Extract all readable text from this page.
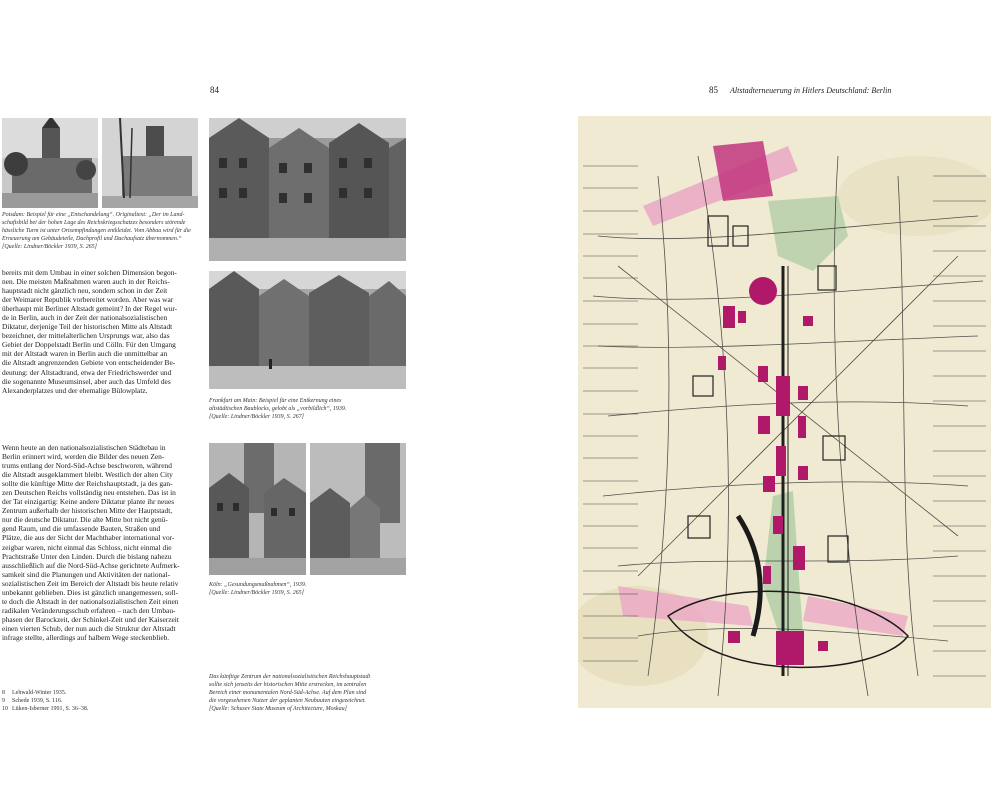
84
Potsdam: Beispiel für eine „Entschandelung“. Originaltext: „Der im Land-
schaftsbild bei der hohen Lage des Reichskriegsschatzes besonders störende
hässliche Turm ist unter Ortsempfindungen entkleidet. Vom Abbau wird für die
Erneuerung am Gebäudeteile, Dachprofil und Dachaufsatz übernommen.“
[Quelle: Lindner/Böckler 1939, S. 265]
bereits mit dem Umbau in einer solchen Dimension begon-
nen. Die meisten Maßnahmen waren auch in der Reichs-
hauptstadt nicht gänzlich neu, sondern schon in der Zeit
der Weimarer Republik vorbereitet worden. Aber was war
überhaupt mit Berliner Altstadt gemeint? In der Regel wur-
de in Berlin, auch in der Zeit der nationalsozialistischen
Diktatur, derjenige Teil der historischen Mitte als Altstadt
bezeichnet, der mittelalterlichen Ursprungs war, also das
Gebiet der Doppelstadt Berlin und Cölln. Für den Umgang
mit der Altstadt waren in Berlin auch die unmittelbar an
die Altstadt angrenzenden Gebiete von entscheidender Be-
deutung: der Altstadtrand, etwa der Friedrichswerder und
die sogenannte Museumsinsel, aber auch das Umfeld des
Alexanderplatzes und der ehemalige Bülowplatz.
Wenn heute an den nationalsozialistischen Städtebau in
Berlin erinnert wird, werden die Bilder des neuen Zen-
trums entlang der Nord-Süd-Achse beschworen, während
die Altstadt ausgeklammert bleibt. Westlich der alten City
sollte die künftige Mitte der Reichshauptstadt, ja des gan-
zen Deutschen Reichs vollständig neu entstehen. Das ist in
der Tat einzigartig: Keine andere Diktatur plante ihr neues
Zentrum außerhalb der historischen Mitte der Hauptstadt,
nur die deutsche Diktatur. Die alte Mitte bot nicht genü-
gend Raum, und die umfassende Bauten, Straßen und
Plätze, die aus der Sicht der Machthaber international vor-
zeigbar waren, nicht einmal das Schloss, nicht einmal die
Prachtstraße Unter den Linden. Durch die bislang nahezu
ausschließlich auf die Nord-Süd-Achse gerichtete Aufmerk-
samkeit sind die Planungen und Aktivitäten der national-
sozialistischen Zeit im Bereich der Altstadt bis heute relativ
unbekannt geblieben. Dies ist gänzlich unangemessen, soll-
te doch die Altstadt in der nationalsozialistischen Zeit einen
radikalen Veränderungsschub erfahren – nach den Umbau-
phasen der Barockzeit, der Schinkel-Zeit und der Kaiserzeit
einen vierten Schub, der nun auch die Struktur der Altstadt
infrage stellte, allerdings auf halbem Wege steckenblieb.
8 Lehwald-Winter 1935.
9 Schede 1939, S. 116.
10 Lüken-Isberner 1991, S. 36–38.
Frankfurt am Main: Beispiel für eine Entkernung eines
altstädtischen Baublocks, gelobt als „vorbildlich“, 1939.
[Quelle: Lindner/Böckler 1939, S. 267]
Köln: „Gesundungsmaßnahmen“, 1939.
[Quelle: Lindner/Böckler 1939, S. 265]
Das künftige Zentrum der nationalsozialistischen Reichshauptstadt
sollte sich jenseits der historischen Mitte erstrecken, im zentralen
Bereich einer monumentalen Nord-Süd-Achse. Auf dem Plan sind
die vorgesehenen Nutzer der geplanten Neubauten eingezeichnet.
[Quelle: Schusev State Museum of Architecture, Moskau]
85 Altstadterneuerung in Hitlers Deutschland: Berlin
